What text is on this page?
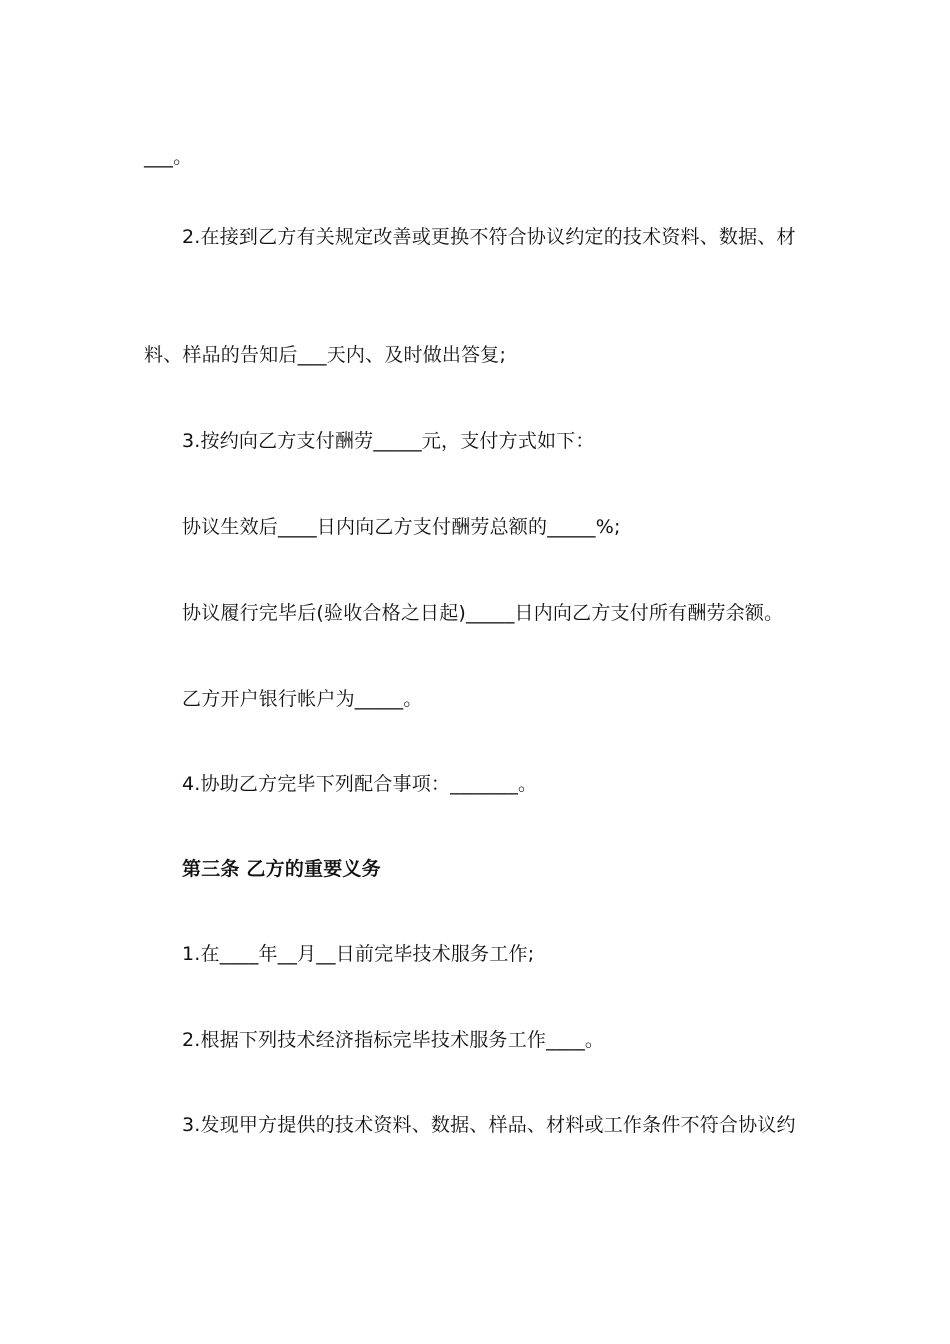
___。
2.在接到乙方有关规定改善或更换不符合协议约定的技术资料、数据、材
料、样品的告知后___天内、及时做出答复;
3.按约向乙方支付酬劳_____元，支付方式如下：
协议生效后____日内向乙方支付酬劳总额的_____%;
协议履行完毕后(验收合格之日起)_____日内向乙方支付所有酬劳余额。
乙方开户银行帐户为_____。
4.协助乙方完毕下列配合事项：_______。
第三条 乙方的重要义务
1.在____年__月__日前完毕技术服务工作;
2.根据下列技术经济指标完毕技术服务工作____。
3.发现甲方提供的技术资料、数据、样品、材料或工作条件不符合协议约
